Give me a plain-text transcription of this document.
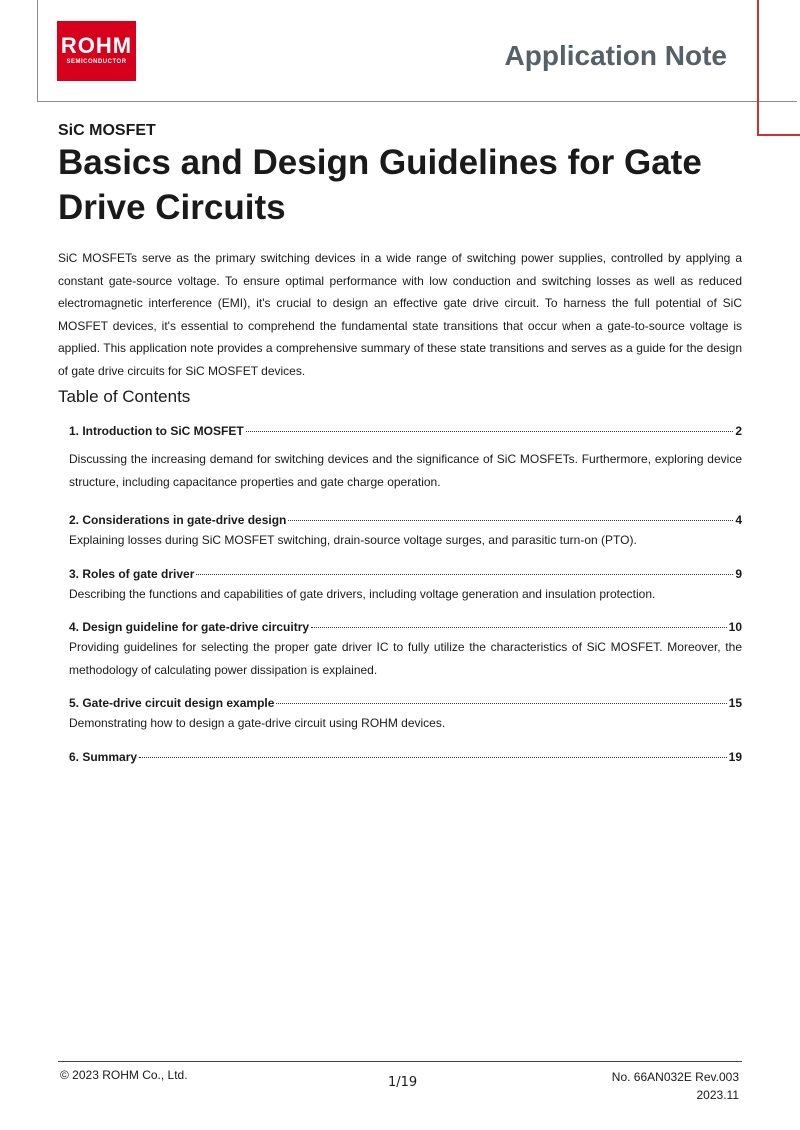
ROHM
SEMICONDUCTOR	Application Note
SiC MOSFET
Basics and Design Guidelines for Gate Drive Circuits

SiC MOSFETs serve as the primary switching devices in a wide range of switching power supplies, controlled by applying a constant gate-source voltage. To ensure optimal performance with low conduction and switching losses as well as reduced electromagnetic interference (EMI), it's crucial to design an effective gate drive circuit. To harness the full potential of SiC MOSFET devices, it's essential to comprehend the fundamental state transitions that occur when a gate-to-source voltage is applied. This application note provides a comprehensive summary of these state transitions and serves as a guide for the design of gate drive circuits for SiC MOSFET devices.

Table of Contents
1. Introduction to SiC MOSFET	2

Discussing the increasing demand for switching devices and the significance of SiC MOSFETs. Furthermore, exploring device structure, including capacitance properties and gate charge operation.

2. Considerations in gate-drive design	4

Explaining losses during SiC MOSFET switching, drain-source voltage surges, and parasitic turn-on (PTO).

3. Roles of gate driver	9

Describing the functions and capabilities of gate drivers, including voltage generation and insulation protection.

4. Design guideline for gate-drive circuitry	10

Providing guidelines for selecting the proper gate driver IC to fully utilize the characteristics of SiC MOSFET. Moreover, the methodology of calculating power dissipation is explained.

5. Gate-drive circuit design example	15

Demonstrating how to design a gate-drive circuit using ROHM devices.

6. Summary	19
© 2023 ROHM Co., Ltd.	1/19	No. 66AN032E Rev.003
2023.11
